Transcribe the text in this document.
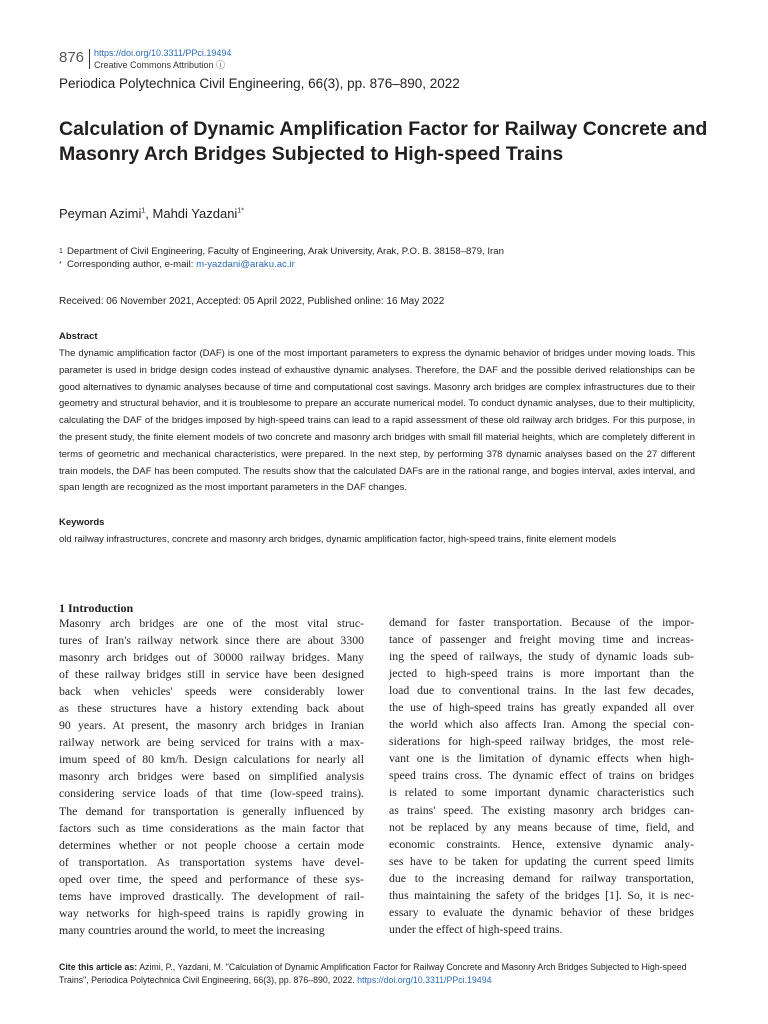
876 https://doi.org/10.3311/PPci.19494
Creative Commons Attribution ⓘ
Periodica Polytechnica Civil Engineering, 66(3), pp. 876–890, 2022
Calculation of Dynamic Amplification Factor for Railway Concrete and Masonry Arch Bridges Subjected to High-speed Trains
Peyman Azimi$^1$, Mahdi Yazdani$^{1*}$
1 Department of Civil Engineering, Faculty of Engineering, Arak University, Arak, P.O. B. 38158–879, Iran
* Corresponding author, e-mail: m-yazdani@araku.ac.ir
Received: 06 November 2021, Accepted: 05 April 2022, Published online: 16 May 2022
Abstract
The dynamic amplification factor (DAF) is one of the most important parameters to express the dynamic behavior of bridges under moving loads. This parameter is used in bridge design codes instead of exhaustive dynamic analyses. Therefore, the DAF and the possible derived relationships can be good alternatives to dynamic analyses because of time and computational cost savings. Masonry arch bridges are complex infrastructures due to their geometry and structural behavior, and it is troublesome to prepare an accurate numerical model. To conduct dynamic analyses, due to their multiplicity, calculating the DAF of the bridges imposed by high-speed trains can lead to a rapid assessment of these old railway arch bridges. For this purpose, in the present study, the finite element models of two concrete and masonry arch bridges with small fill material heights, which are completely different in terms of geometric and mechanical characteristics, were prepared. In the next step, by performing 378 dynamic analyses based on the 27 different train models, the DAF has been computed. The results show that the calculated DAFs are in the rational range, and bogies interval, axles interval, and span length are recognized as the most important parameters in the DAF changes.
Keywords
old railway infrastructures, concrete and masonry arch bridges, dynamic amplification factor, high-speed trains, finite element models
1 Introduction
Masonry arch bridges are one of the most vital struc-
tures of Iran's railway network since there are about 3300
masonry arch bridges out of 30000 railway bridges. Many
of these railway bridges still in service have been designed
back when vehicles' speeds were considerably lower
as these structures have a history extending back about
90 years. At present, the masonry arch bridges in Iranian
railway network are being serviced for trains with a max-
imum speed of 80 km/h. Design calculations for nearly all
masonry arch bridges were based on simplified analysis
considering service loads of that time (low-speed trains).
The demand for transportation is generally influenced by
factors such as time considerations as the main factor that
determines whether or not people choose a certain mode
of transportation. As transportation systems have devel-
oped over time, the speed and performance of these sys-
tems have improved drastically. The development of rail-
way networks for high-speed trains is rapidly growing in
many countries around the world, to meet the increasing
demand for faster transportation. Because of the impor-
tance of passenger and freight moving time and increas-
ing the speed of railways, the study of dynamic loads sub-
jected to high-speed trains is more important than the
load due to conventional trains. In the last few decades,
the use of high-speed trains has greatly expanded all over
the world which also affects Iran. Among the special con-
siderations for high-speed railway bridges, the most rele-
vant one is the limitation of dynamic effects when high-
speed trains cross. The dynamic effect of trains on bridges
is related to some important dynamic characteristics such
as trains' speed. The existing masonry arch bridges can-
not be replaced by any means because of time, field, and
economic constraints. Hence, extensive dynamic analy-
ses have to be taken for updating the current speed limits
due to the increasing demand for railway transportation,
thus maintaining the safety of the bridges [1]. So, it is nec-
essary to evaluate the dynamic behavior of these bridges
under the effect of high-speed trains.
Cite this article as: Azimi, P., Yazdani, M. "Calculation of Dynamic Amplification Factor for Railway Concrete and Masonry Arch Bridges Subjected to High-speed Trains", Periodica Polytechnica Civil Engineering, 66(3), pp. 876–890, 2022. https://doi.org/10.3311/PPci.19494
